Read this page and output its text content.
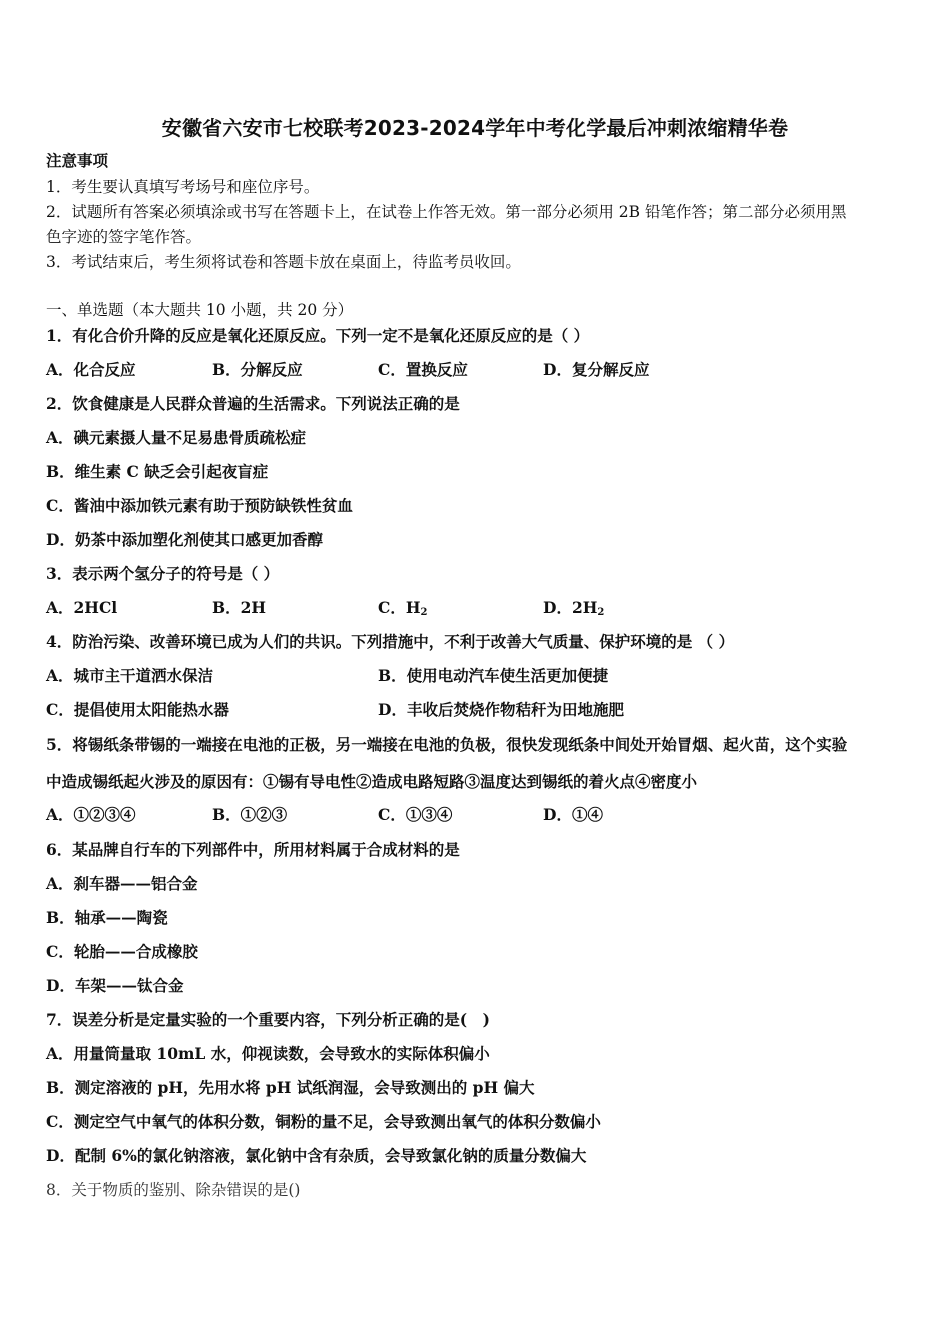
安徽省六安市七校联考2023-2024学年中考化学最后冲刺浓缩精华卷
注意事项
1．考生要认真填写考场号和座位序号。
2．试题所有答案必须填涂或书写在答题卡上，在试卷上作答无效。第一部分必须用 2B 铅笔作答；第二部分必须用黑
色字迹的签字笔作答。
3．考试结束后，考生须将试卷和答题卡放在桌面上，待监考员收回。
一、单选题（本大题共 10 小题，共 20 分）
1．有化合价升降的反应是氧化还原反应。下列一定不是氧化还原反应的是（ ）
A．化合反应	B．分解反应	C．置换反应	D．复分解反应
2．饮食健康是人民群众普遍的生活需求。下列说法正确的是
A．碘元素摄人量不足易患骨质疏松症
B．维生素 C 缺乏会引起夜盲症
C．酱油中添加铁元素有助于预防缺铁性贫血
D．奶茶中添加塑化剂使其口感更加香醇
3．表示两个氢分子的符号是（ ）
A．2HCl	B．2H	C．$H_2$	D．$2H_2$
4．防治污染、改善环境已成为人们的共识。下列措施中，不利于改善大气质量、保护环境的是 （ ）
A．城市主干道洒水保洁	B．使用电动汽车使生活更加便捷
C．提倡使用太阳能热水器	D．丰收后焚烧作物秸秆为田地施肥
5．将锡纸条带锡的一端接在电池的正极，另一端接在电池的负极，很快发现纸条中间处开始冒烟、起火苗，这个实验
中造成锡纸起火涉及的原因有：①锡有导电性②造成电路短路③温度达到锡纸的着火点④密度小
A．①②③④	B．①②③	C．①③④	D．①④
6．某品牌自行车的下列部件中，所用材料属于合成材料的是
A．刹车器——铝合金
B．轴承——陶瓷
C．轮胎——合成橡胶
D．车架——钛合金
7．误差分析是定量实验的一个重要内容，下列分析正确的是(　)
A．用量筒量取 10mL 水，仰视读数，会导致水的实际体积偏小
B．测定溶液的 pH，先用水将 pH 试纸润湿，会导致测出的 pH 偏大
C．测定空气中氧气的体积分数，铜粉的量不足，会导致测出氧气的体积分数偏小
D．配制 6%的氯化钠溶液，氯化钠中含有杂质，会导致氯化钠的质量分数偏大
8．关于物质的鉴别、除杂错误的是()
